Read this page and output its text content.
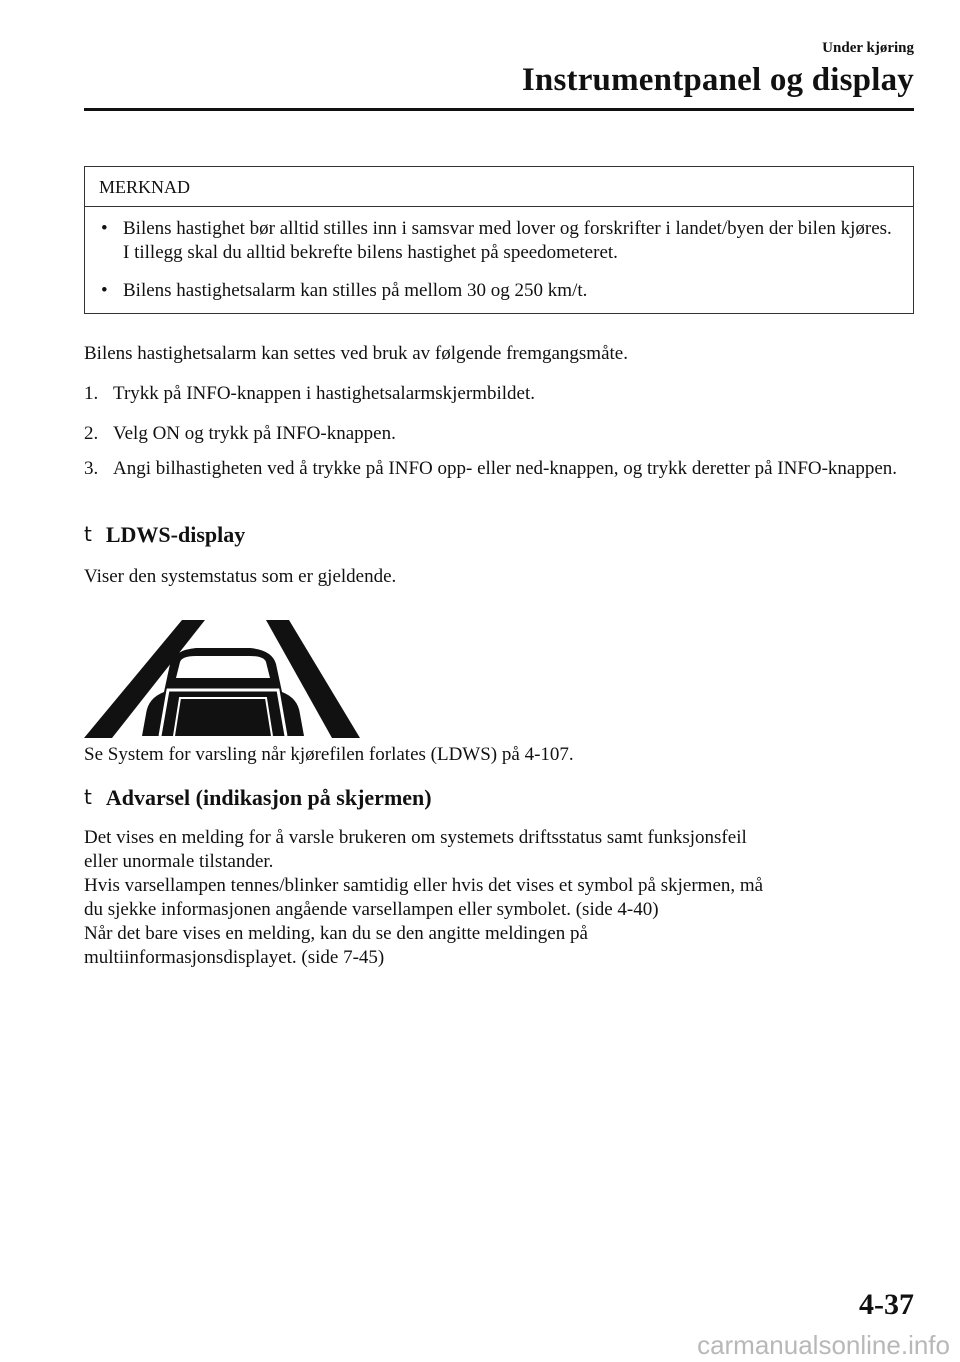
Under kjøring
Instrumentpanel og display
MERKNAD
• Bilens hastighet bør alltid stilles inn i samsvar med lover og forskrifter i landet/byen der bilen kjøres. I tillegg skal du alltid bekrefte bilens hastighet på speedometeret.
• Bilens hastighetsalarm kan stilles på mellom 30 og 250 km/t.
Bilens hastighetsalarm kan settes ved bruk av følgende fremgangsmåte.
1. Trykk på INFO-knappen i hastighetsalarmskjermbildet.
2. Velg ON og trykk på INFO-knappen.
3. Angi bilhastigheten ved å trykke på INFO opp- eller ned-knappen, og trykk deretter på INFO-knappen.
t LDWS-display
Viser den systemstatus som er gjeldende.
Se System for varsling når kjørefilen forlates (LDWS) på 4-107.
t Advarsel (indikasjon på skjermen)
Det vises en melding for å varsle brukeren om systemets driftsstatus samt funksjonsfeil
eller unormale tilstander.
Hvis varsellampen tennes/blinker samtidig eller hvis det vises et symbol på skjermen, må
du sjekke informasjonen angående varsellampen eller symbolet. (side 4-40)
Når det bare vises en melding, kan du se den angitte meldingen på
multiinformasjonsdisplayet. (side 7-45)
4-37
carmanualsonline.info
